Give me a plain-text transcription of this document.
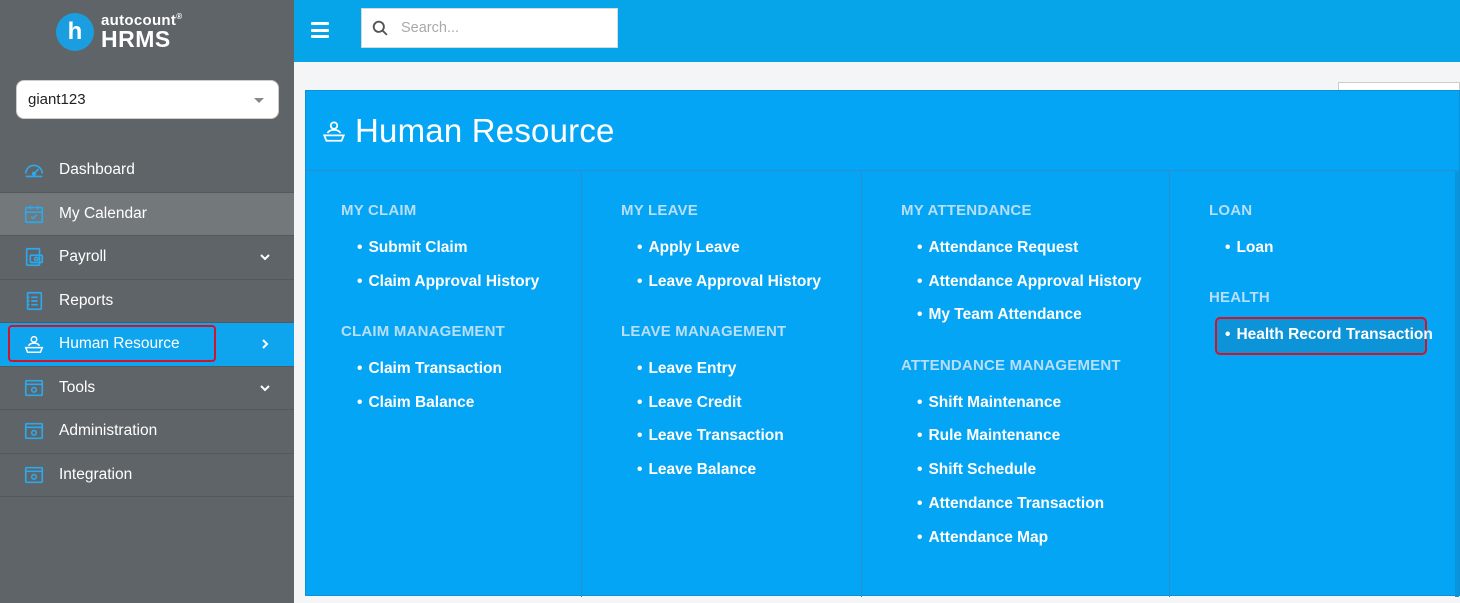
h	autocount®
HRMS
giant123
Dashboard
My Calendar
Payroll
Reports
Human Resource
Tools
Administration
Integration
Search...
Human Resource
MY CLAIM
• Submit Claim
• Claim Approval History
CLAIM MANAGEMENT
• Claim Transaction
• Claim Balance
MY LEAVE
• Apply Leave
• Leave Approval History
LEAVE MANAGEMENT
• Leave Entry
• Leave Credit
• Leave Transaction
• Leave Balance
MY ATTENDANCE
• Attendance Request
• Attendance Approval History
• My Team Attendance
ATTENDANCE MANAGEMENT
• Shift Maintenance
• Rule Maintenance
• Shift Schedule
• Attendance Transaction
• Attendance Map
LOAN
• Loan
HEALTH
• Health Record Transaction
